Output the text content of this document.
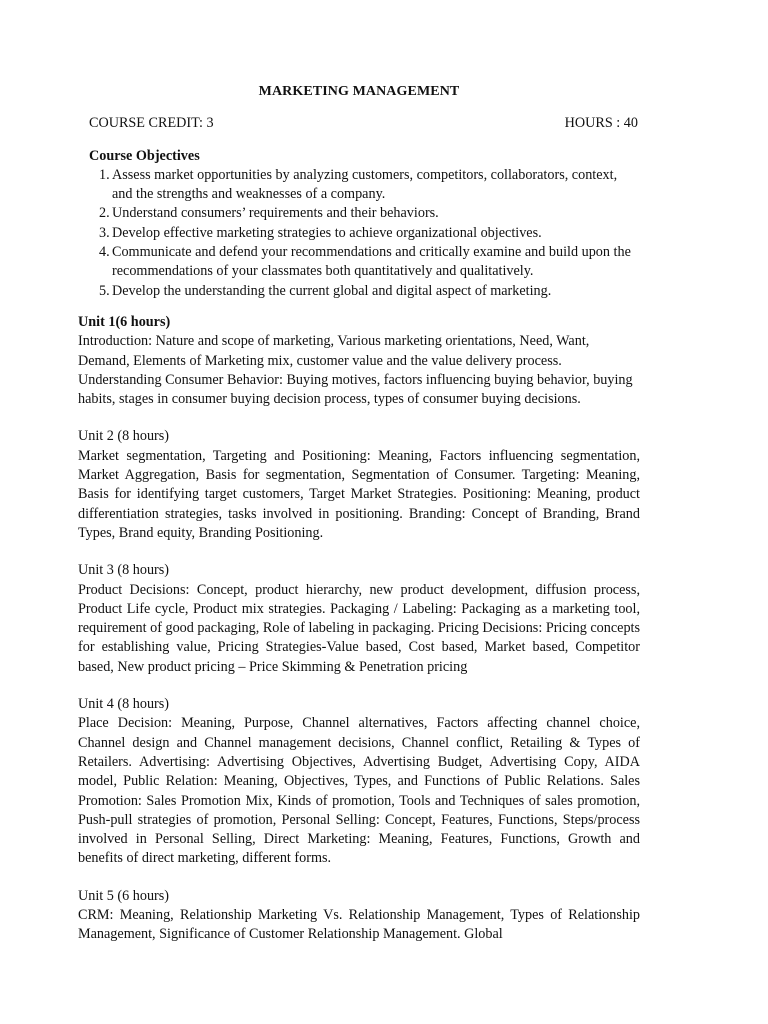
MARKETING MANAGEMENT
COURSE CREDIT: 3	HOURS : 40

Course Objectives

1. Assess market opportunities by analyzing customers, competitors, collaborators, context, and the strengths and weaknesses of a company.
2. Understand consumers’ requirements and their behaviors.
3. Develop effective marketing strategies to achieve organizational objectives.
4. Communicate and defend your recommendations and critically examine and build upon the recommendations of your classmates both quantitatively and qualitatively.
5. Develop the understanding the current global and digital aspect of marketing.

Unit 1(6 hours)

Introduction: Nature and scope of marketing, Various marketing orientations, Need, Want, Demand, Elements of Marketing mix, customer value and the value delivery process. Understanding Consumer Behavior: Buying motives, factors influencing buying behavior, buying habits, stages in consumer buying decision process, types of consumer buying decisions.

Unit 2 (8 hours)

Market segmentation, Targeting and Positioning: Meaning, Factors influencing segmentation, Market Aggregation, Basis for segmentation, Segmentation of Consumer. Targeting: Meaning, Basis for identifying target customers, Target Market Strategies. Positioning: Meaning, product differentiation strategies, tasks involved in positioning. Branding: Concept of Branding, Brand Types, Brand equity, Branding Positioning.

Unit 3 (8 hours)

Product Decisions: Concept, product hierarchy, new product development, diffusion process, Product Life cycle, Product mix strategies. Packaging / Labeling: Packaging as a marketing tool, requirement of good packaging, Role of labeling in packaging. Pricing Decisions: Pricing concepts for establishing value, Pricing Strategies-Value based, Cost based, Market based, Competitor based, New product pricing – Price Skimming & Penetration pricing

Unit 4 (8 hours)

Place Decision: Meaning, Purpose, Channel alternatives, Factors affecting channel choice, Channel design and Channel management decisions, Channel conflict, Retailing & Types of Retailers. Advertising: Advertising Objectives, Advertising Budget, Advertising Copy, AIDA model, Public Relation: Meaning, Objectives, Types, and Functions of Public Relations. Sales Promotion: Sales Promotion Mix, Kinds of promotion, Tools and Techniques of sales promotion, Push-pull strategies of promotion, Personal Selling: Concept, Features, Functions, Steps/process involved in Personal Selling, Direct Marketing: Meaning, Features, Functions, Growth and benefits of direct marketing, different forms.

Unit 5 (6 hours)

CRM: Meaning, Relationship Marketing Vs. Relationship Management, Types of Relationship Management, Significance of Customer Relationship Management. Global
